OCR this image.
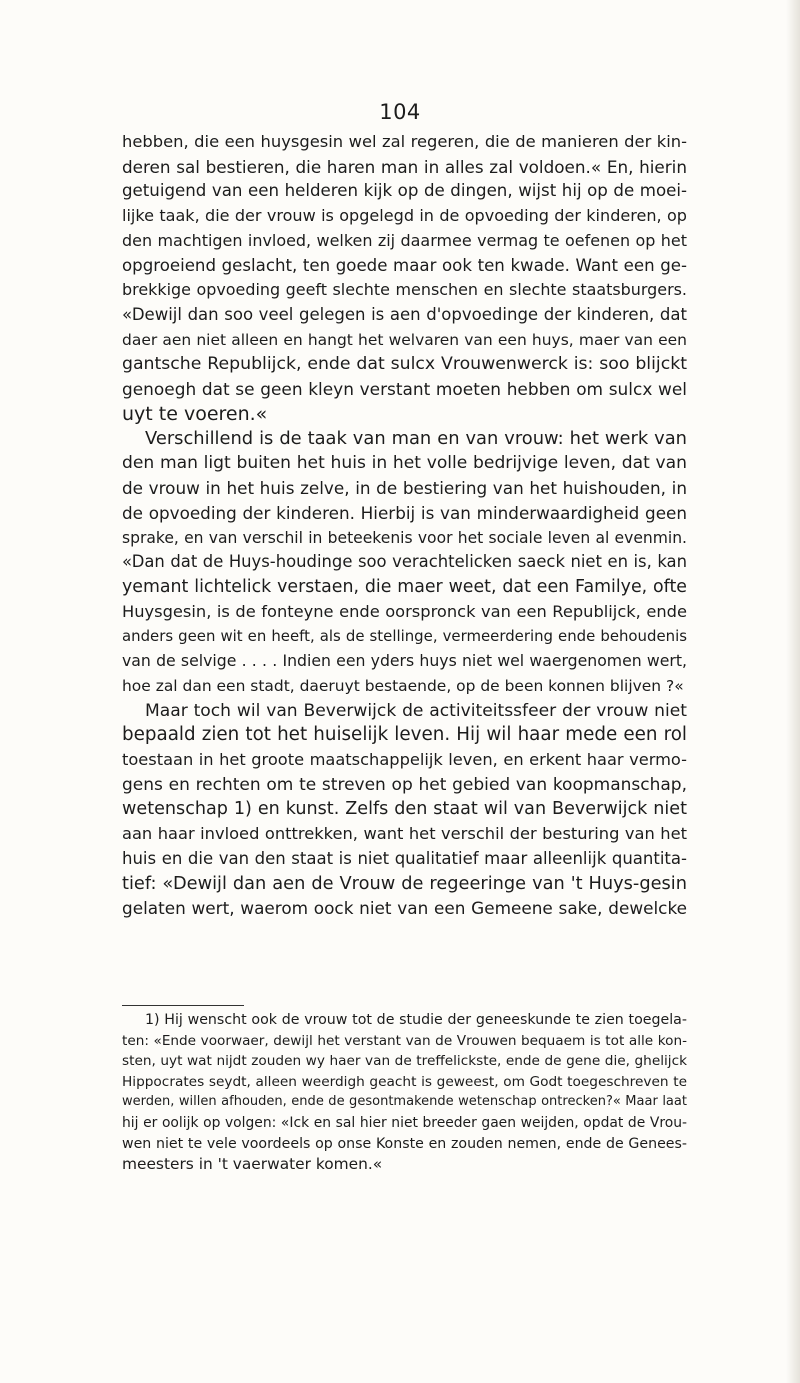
104
hebben, die een huysgesin wel zal regeren, die de manieren der kin-
deren sal bestieren, die haren man in alles zal voldoen.« En, hierin
getuigend van een helderen kijk op de dingen, wijst hij op de moei-
lijke taak, die der vrouw is opgelegd in de opvoeding der kinderen, op
den machtigen invloed, welken zij daarmee vermag te oefenen op het
opgroeiend geslacht, ten goede maar ook ten kwade. Want een ge-
brekkige opvoeding geeft slechte menschen en slechte staatsburgers.
«Dewijl dan soo veel gelegen is aen d'opvoedinge der kinderen, dat
daer aen niet alleen en hangt het welvaren van een huys, maer van een
gantsche Republijck, ende dat sulcx Vrouwenwerck is: soo blijckt
genoegh dat se geen kleyn verstant moeten hebben om sulcx wel
uyt te voeren.«
Verschillend is de taak van man en van vrouw: het werk van
den man ligt buiten het huis in het volle bedrijvige leven, dat van
de vrouw in het huis zelve, in de bestiering van het huishouden, in
de opvoeding der kinderen. Hierbij is van minderwaardigheid geen
sprake, en van verschil in beteekenis voor het sociale leven al evenmin.
«Dan dat de Huys-houdinge soo verachtelicken saeck niet en is, kan
yemant lichtelick verstaen, die maer weet, dat een Familye, ofte
Huysgesin, is de fonteyne ende oorspronck van een Republijck, ende
anders geen wit en heeft, als de stellinge, vermeerdering ende behoudenis
van de selvige . . . . Indien een yders huys niet wel waergenomen wert,
hoe zal dan een stadt, daeruyt bestaende, op de been konnen blijven ?«
Maar toch wil van Beverwijck de activiteitssfeer der vrouw niet
bepaald zien tot het huiselijk leven. Hij wil haar mede een rol
toestaan in het groote maatschappelijk leven, en erkent haar vermo-
gens en rechten om te streven op het gebied van koopmanschap,
wetenschap 1) en kunst. Zelfs den staat wil van Beverwijck niet
aan haar invloed onttrekken, want het verschil der besturing van het
huis en die van den staat is niet qualitatief maar alleenlijk quantita-
tief: «Dewijl dan aen de Vrouw de regeeringe van 't Huys-gesin
gelaten wert, waerom oock niet van een Gemeene sake, dewelcke
1) Hij wenscht ook de vrouw tot de studie der geneeskunde te zien toegela-
ten: «Ende voorwaer, dewijl het verstant van de Vrouwen bequaem is tot alle kon-
sten, uyt wat nijdt zouden wy haer van de treffelickste, ende de gene die, ghelijck
Hippocrates seydt, alleen weerdigh geacht is geweest, om Godt toegeschreven te
werden, willen afhouden, ende de gesontmakende wetenschap ontrecken?« Maar laat
hij er oolijk op volgen: «Ick en sal hier niet breeder gaen weijden, opdat de Vrou-
wen niet te vele voordeels op onse Konste en zouden nemen, ende de Genees-
meesters in 't vaerwater komen.«
